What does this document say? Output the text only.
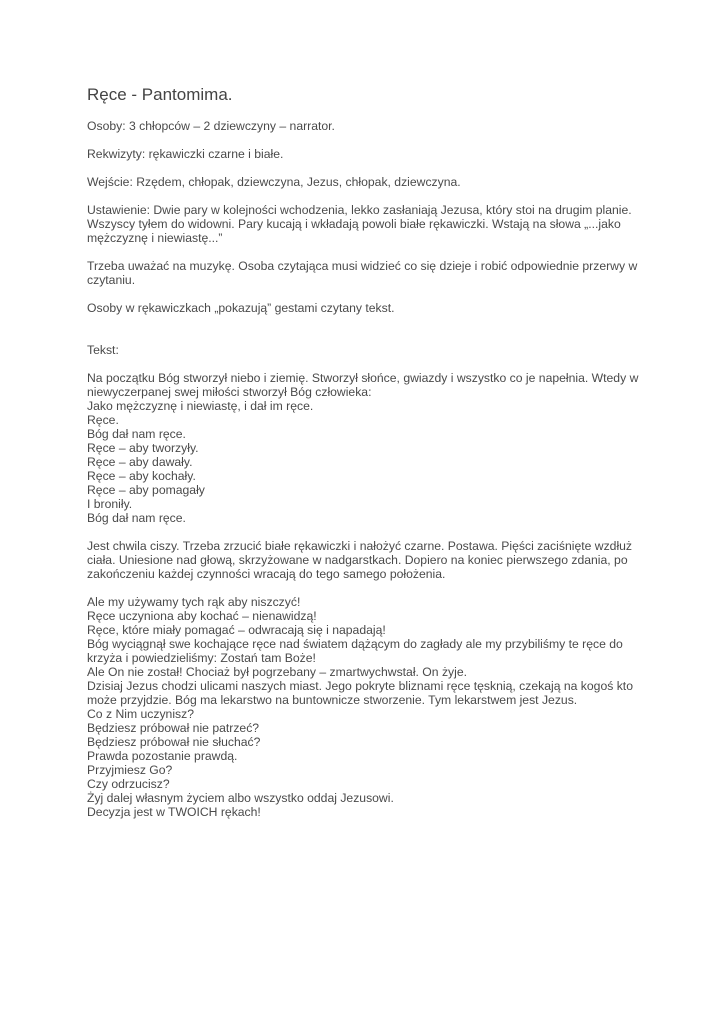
Ręce - Pantomima.

Osoby: 3 chłopców – 2 dziewczyny – narrator.

Rekwizyty: rękawiczki czarne i białe.

Wejście: Rzędem, chłopak, dziewczyna, Jezus, chłopak, dziewczyna.

Ustawienie: Dwie pary w kolejności wchodzenia, lekko zasłaniają Jezusa, który stoi na drugim planie. Wszyscy tyłem do widowni. Pary kucają i wkładają powoli białe rękawiczki. Wstają na słowa „...jako mężczyznę i niewiastę...”

Trzeba uważać na muzykę. Osoba czytająca musi widzieć co się dzieje i robić odpowiednie przerwy w czytaniu.

Osoby w rękawiczkach „pokazują” gestami czytany tekst.

Tekst:

Na początku Bóg stworzył niebo i ziemię. Stworzył słońce, gwiazdy i wszystko co je napełnia. Wtedy w niewyczerpanej swej miłości stworzył Bóg człowieka:
Jako mężczyznę i niewiastę, i dał im ręce.
Ręce.
Bóg dał nam ręce.
Ręce – aby tworzyły.
Ręce – aby dawały.
Ręce – aby kochały.
Ręce – aby pomagały
I broniły.
Bóg dał nam ręce.
Jest chwila ciszy. Trzeba zrzucić białe rękawiczki i nałożyć czarne. Postawa. Pięści zaciśnięte wzdłuż ciała. Uniesione nad głową, skrzyżowane w nadgarstkach. Dopiero na koniec pierwszego zdania, po zakończeniu każdej czynności wracają do tego samego położenia.
Ale my używamy tych rąk aby niszczyć!
Ręce uczyniona aby kochać – nienawidzą!
Ręce, które miały pomagać – odwracają się i napadają!
Bóg wyciągnął swe kochające ręce nad światem dążącym do zagłady ale my przybiliśmy te ręce do krzyża i powiedzieliśmy: Zostań tam Boże!
Ale On nie został! Chociaż był pogrzebany – zmartwychwstał. On żyje.
Dzisiaj Jezus chodzi ulicami naszych miast. Jego pokryte bliznami ręce tęsknią, czekają na kogoś kto może przyjdzie. Bóg ma lekarstwo na buntownicze stworzenie. Tym lekarstwem jest Jezus.
Co z Nim uczynisz?
Będziesz próbował nie patrzeć?
Będziesz próbował nie słuchać?
Prawda pozostanie prawdą.
Przyjmiesz Go?
Czy odrzucisz?
Żyj dalej własnym życiem albo wszystko oddaj Jezusowi.
Decyzja jest w TWOICH rękach!
